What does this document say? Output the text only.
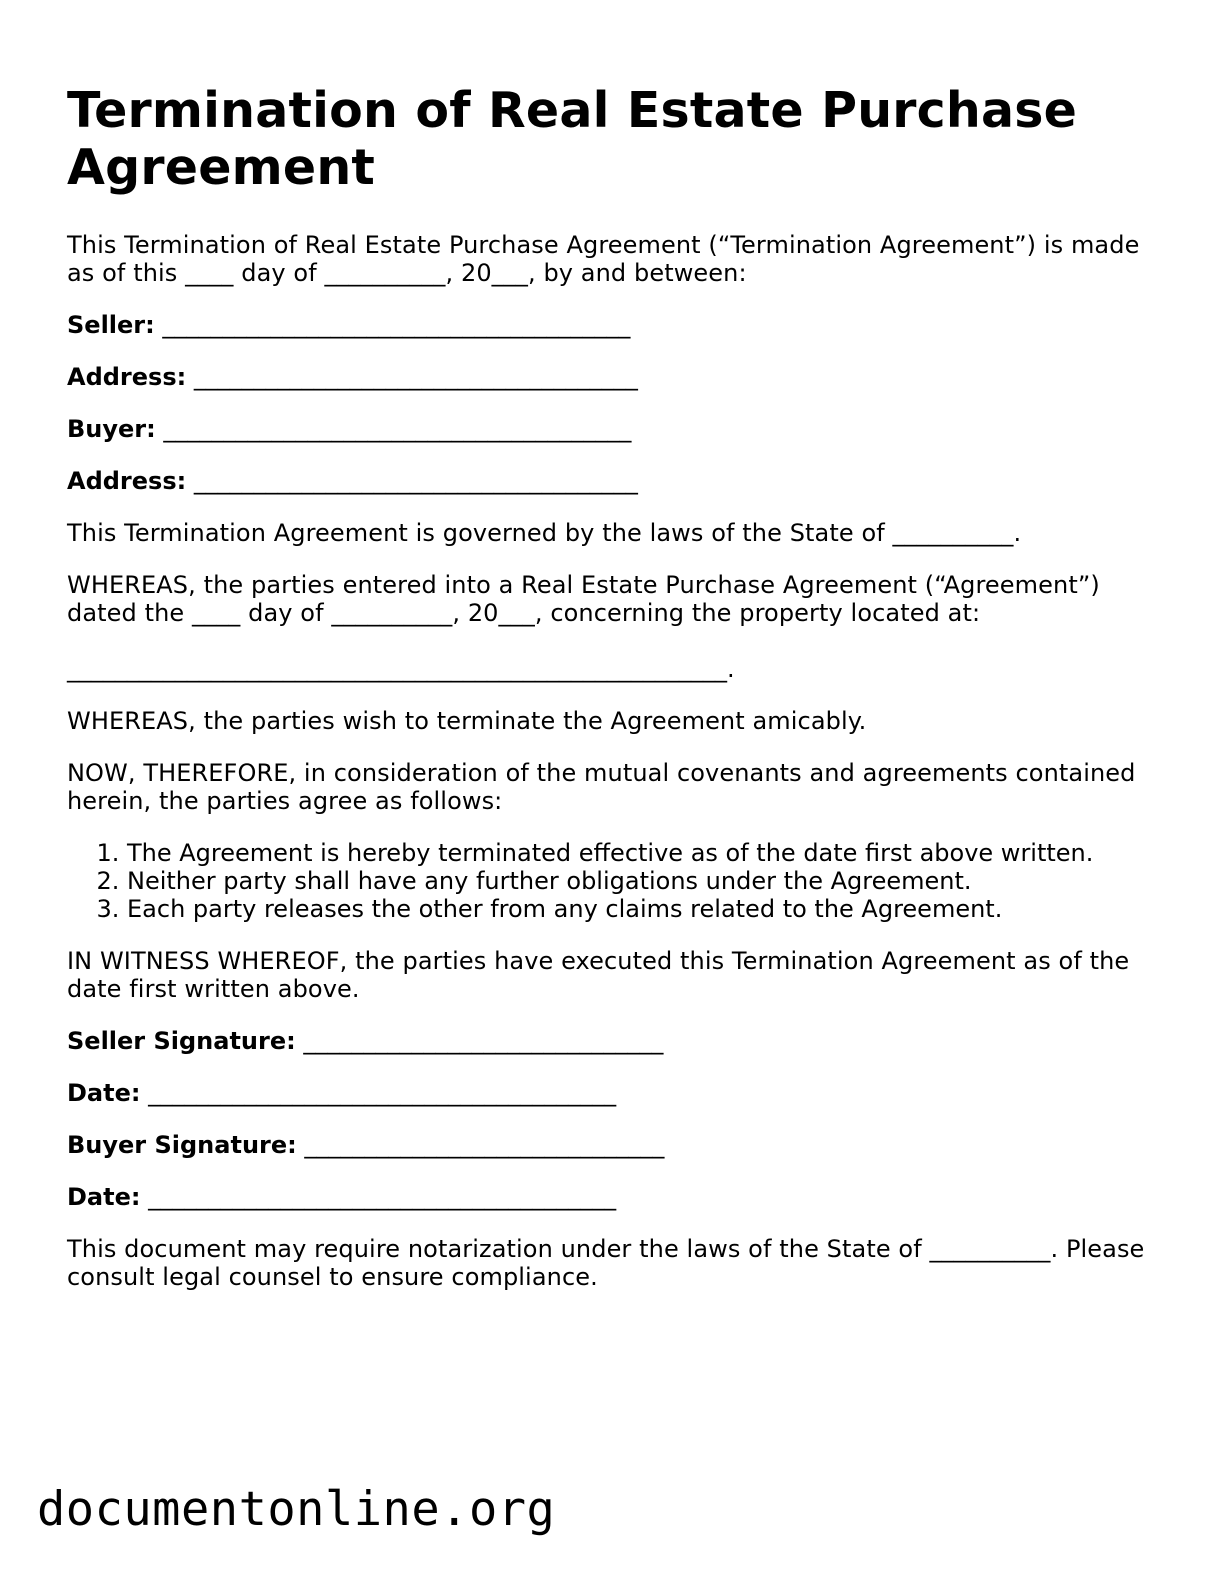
Termination of Real Estate Purchase Agreement

This Termination of Real Estate Purchase Agreement (“Termination Agreement”) is made as of this ____ day of __________, 20___, by and between:

Seller: _______________________________________
Address: _____________________________________
Buyer: _______________________________________
Address: _____________________________________

This Termination Agreement is governed by the laws of the State of __________.

WHEREAS, the parties entered into a Real Estate Purchase Agreement (“Agreement”) dated the ____ day of __________, 20___, concerning the property located at:

_______________________________________________________.

WHEREAS, the parties wish to terminate the Agreement amicably.

NOW, THEREFORE, in consideration of the mutual covenants and agreements contained herein, the parties agree as follows:

1. The Agreement is hereby terminated effective as of the date first above written.
2. Neither party shall have any further obligations under the Agreement.
3. Each party releases the other from any claims related to the Agreement.

IN WITNESS WHEREOF, the parties have executed this Termination Agreement as of the date first written above.

Seller Signature: ______________________________
Date: _______________________________________
Buyer Signature: ______________________________
Date: _______________________________________

This document may require notarization under the laws of the State of __________. Please consult legal counsel to ensure compliance.

documentonline.org
